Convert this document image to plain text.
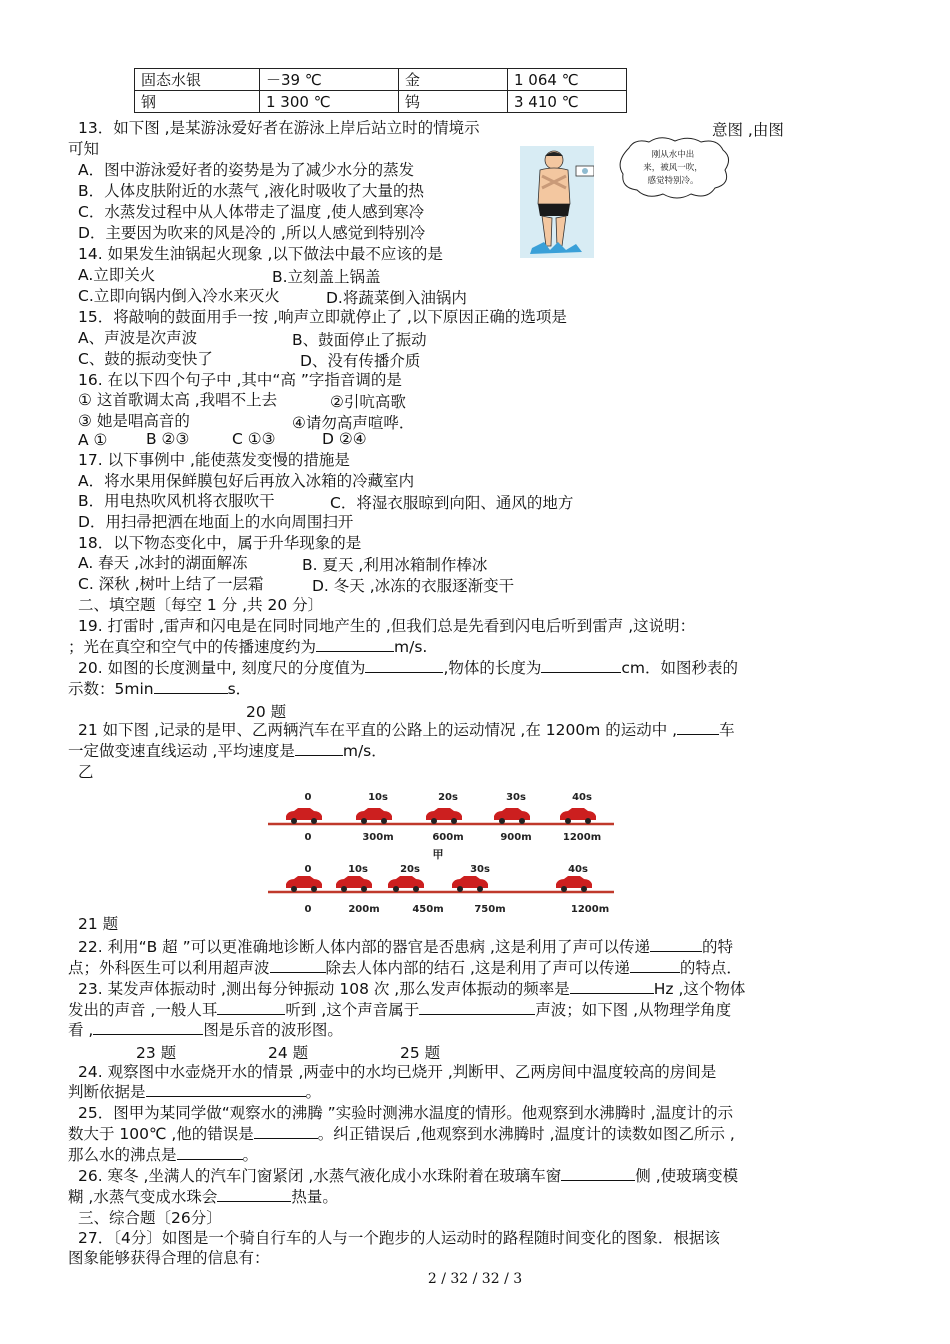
固态水银	－39 ℃	金	1 064 ℃
钢	1 300 ℃	钨	3 410 ℃
13．如下图 ,是某游泳爱好者在游泳上岸后站立时的情境示	意图 ,由图
可知
A．图中游泳爱好者的姿势是为了减少水分的蒸发
B．人体皮肤附近的水蒸气 ,液化时吸收了大量的热
C．水蒸发过程中从人体带走了温度 ,使人感到寒冷
D．主要因为吹来的风是冷的 ,所以人感觉到特别冷
刚从水中出
来，被风一吹，
感觉特别冷。
14. 如果发生油锅起火现象 ,以下做法中最不应该的是
A.立即关火	B.立刻盖上锅盖
C.立即向锅内倒入冷水来灭火	D.将蔬菜倒入油锅内
15．将敲响的鼓面用手一按 ,响声立即就停止了 ,以下原因正确的选项是
A、声波是次声波	B、鼓面停止了振动
C、鼓的振动变快了	D、没有传播介质
16. 在以下四个句子中 ,其中“高 ”字指音调的是
① 这首歌调太高 ,我唱不上去	②引吭高歌
③ 她是唱高音的	④请勿高声喧哗．
A ① B ②③	C ①③	D ②④
17. 以下事例中 ,能使蒸发变慢的措施是
A．将水果用保鲜膜包好后再放入冰箱的冷藏室内
B．用电热吹风机将衣服吹干	C．将湿衣服晾到向阳、通风的地方
D．用扫帚把洒在地面上的水向周围扫开
18．以下物态变化中，属于升华现象的是
A. 春天 ,冰封的湖面解冻	B. 夏天 ,利用冰箱制作棒冰
C. 深秋 ,树叶上结了一层霜	D. 冬天 ,冰冻的衣服逐渐变干
二、填空题〔每空 1 分 ,共 20 分〕
19. 打雷时 ,雷声和闪电是在同时同地产生的 ,但我们总是先看到闪电后听到雷声 ,这说明：
；光在真空和空气中的传播速度约为	m/s.
20. 如图的长度测量中, 刻度尺的分度值为	,物体的长度为	cm．如图秒表的
示数：5min	s．
20 题
21 如下图 ,记录的是甲、乙两辆汽车在平直的公路上的运动情况 ,在 1200m 的运动中 ,	车
一定做变速直线运动 ,平均速度是	m/s．
乙
0	10s	20s	30s	40s
0	300m	600m	900m	1200m
甲
0	10s	20s	30s	40s
0	200m	450m	750m	1200m
21 题
22. 利用“B 超 ”可以更准确地诊断人体内部的器官是否患病 ,这是利用了声可以传递	的特
点；外科医生可以利用超声波	除去人体内部的结石 ,这是利用了声可以传递	的特点．
23. 某发声体振动时 ,测出每分钟振动 108 次 ,那么发声体振动的频率是	Hz ,这个物体
发出的声音 ,一般人耳	听到 ,这个声音属于	声波；如下图 ,从物理学角度
看 ,	图是乐音的波形图。
23 题	24 题	25 题
24. 观察图中水壶烧开水的情景 ,两壶中的水均已烧开 ,判断甲、乙两房间中温度较高的房间是
判断依据是	。
25．图甲为某同学做“观察水的沸腾 ”实验时测沸水温度的情形。他观察到水沸腾时 ,温度计的示
数大于 100℃ ,他的错误是	。纠正错误后 ,他观察到水沸腾时 ,温度计的读数如图乙所示 ,
那么水的沸点是	。
26. 寒冬 ,坐满人的汽车门窗紧闭 ,水蒸气液化成小水珠附着在玻璃车窗	侧 ,使玻璃变模
糊 ,水蒸气变成水珠会	热量。
三、综合题〔26分〕
27．〔4分〕如图是一个骑自行车的人与一个跑步的人运动时的路程随时间变化的图象．根据该
图象能够获得合理的信息有：
2 / 32 / 32 / 3
